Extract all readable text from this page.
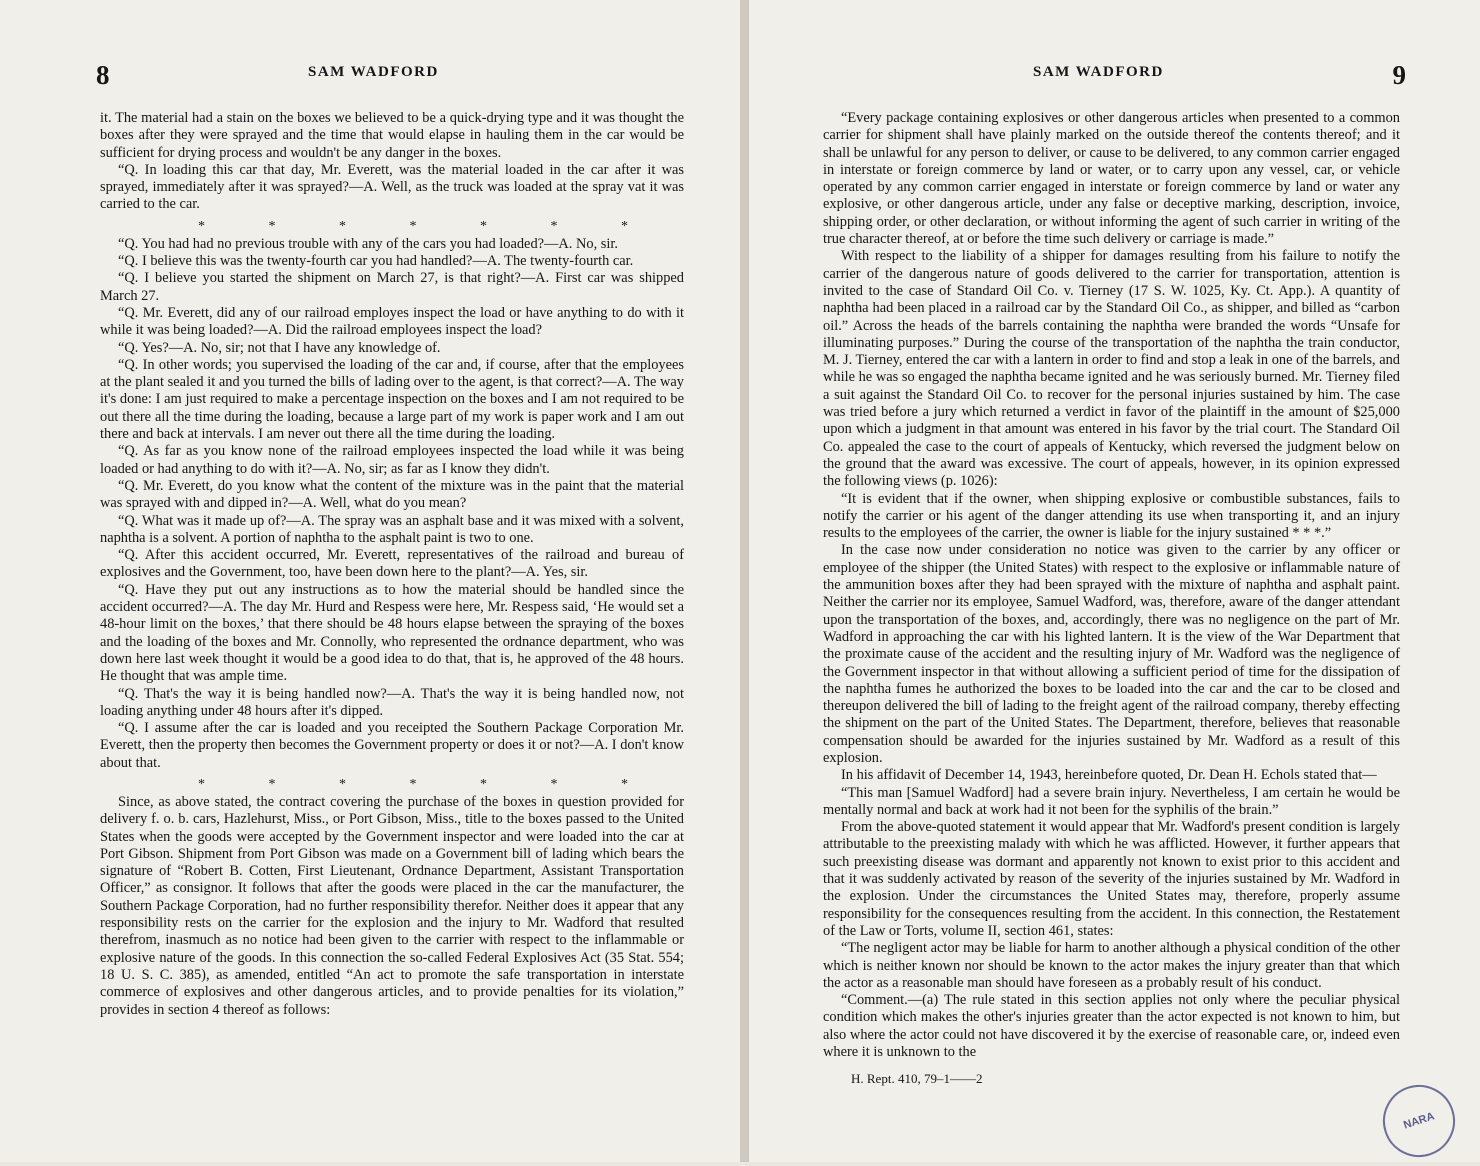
8	SAM WADFORD

it. The material had a stain on the boxes we believed to be a quick-drying type and it was thought the boxes after they were sprayed and the time that would elapse in hauling them in the car would be sufficient for drying process and wouldn't be any danger in the boxes.

“Q. In loading this car that day, Mr. Everett, was the material loaded in the car after it was sprayed, immediately after it was sprayed?—A. Well, as the truck was loaded at the spray vat it was carried to the car.

*	*	*	*	*	*	*

“Q. You had had no previous trouble with any of the cars you had loaded?—A. No, sir.

“Q. I believe this was the twenty-fourth car you had handled?—A. The twenty-fourth car.

“Q. I believe you started the shipment on March 27, is that right?—A. First car was shipped March 27.

“Q. Mr. Everett, did any of our railroad employes inspect the load or have anything to do with it while it was being loaded?—A. Did the railroad employees inspect the load?

“Q. Yes?—A. No, sir; not that I have any knowledge of.

“Q. In other words; you supervised the loading of the car and, if course, after that the employees at the plant sealed it and you turned the bills of lading over to the agent, is that correct?—A. The way it's done: I am just required to make a percentage inspection on the boxes and I am not required to be out there all the time during the loading, because a large part of my work is paper work and I am out there and back at intervals. I am never out there all the time during the loading.

“Q. As far as you know none of the railroad employees inspected the load while it was being loaded or had anything to do with it?—A. No, sir; as far as I know they didn't.

“Q. Mr. Everett, do you know what the content of the mixture was in the paint that the material was sprayed with and dipped in?—A. Well, what do you mean?

“Q. What was it made up of?—A. The spray was an asphalt base and it was mixed with a solvent, naphtha is a solvent. A portion of naphtha to the asphalt paint is two to one.

“Q. After this accident occurred, Mr. Everett, representatives of the railroad and bureau of explosives and the Government, too, have been down here to the plant?—A. Yes, sir.

“Q. Have they put out any instructions as to how the material should be handled since the accident occurred?—A. The day Mr. Hurd and Respess were here, Mr. Respess said, ‘He would set a 48-hour limit on the boxes,’ that there should be 48 hours elapse between the spraying of the boxes and the loading of the boxes and Mr. Connolly, who represented the ordnance department, who was down here last week thought it would be a good idea to do that, that is, he approved of the 48 hours. He thought that was ample time.

“Q. That's the way it is being handled now?—A. That's the way it is being handled now, not loading anything under 48 hours after it's dipped.

“Q. I assume after the car is loaded and you receipted the Southern Package Corporation Mr. Everett, then the property then becomes the Government property or does it or not?—A. I don't know about that.

*	*	*	*	*	*	*

Since, as above stated, the contract covering the purchase of the boxes in question provided for delivery f. o. b. cars, Hazlehurst, Miss., or Port Gibson, Miss., title to the boxes passed to the United States when the goods were accepted by the Government inspector and were loaded into the car at Port Gibson. Shipment from Port Gibson was made on a Government bill of lading which bears the signature of “Robert B. Cotten, First Lieutenant, Ordnance Department, Assistant Transportation Officer,” as consignor. It follows that after the goods were placed in the car the manufacturer, the Southern Package Corporation, had no further responsibility therefor. Neither does it appear that any responsibility rests on the carrier for the explosion and the injury to Mr. Wadford that resulted therefrom, inasmuch as no notice had been given to the carrier with respect to the inflammable or explosive nature of the goods. In this connection the so-called Federal Explosives Act (35 Stat. 554; 18 U. S. C. 385), as amended, entitled “An act to promote the safe transportation in interstate commerce of explosives and other dangerous articles, and to provide penalties for its violation,” provides in section 4 thereof as follows:

SAM WADFORD	9

“Every package containing explosives or other dangerous articles when presented to a common carrier for shipment shall have plainly marked on the outside thereof the contents thereof; and it shall be unlawful for any person to deliver, or cause to be delivered, to any common carrier engaged in interstate or foreign commerce by land or water, or to carry upon any vessel, car, or vehicle operated by any common carrier engaged in interstate or foreign commerce by land or water any explosive, or other dangerous article, under any false or deceptive marking, description, invoice, shipping order, or other declaration, or without informing the agent of such carrier in writing of the true character thereof, at or before the time such delivery or carriage is made.”

With respect to the liability of a shipper for damages resulting from his failure to notify the carrier of the dangerous nature of goods delivered to the carrier for transportation, attention is invited to the case of Standard Oil Co. v. Tierney (17 S. W. 1025, Ky. Ct. App.). A quantity of naphtha had been placed in a railroad car by the Standard Oil Co., as shipper, and billed as “carbon oil.” Across the heads of the barrels containing the naphtha were branded the words “Unsafe for illuminating purposes.” During the course of the transportation of the naphtha the train conductor, M. J. Tierney, entered the car with a lantern in order to find and stop a leak in one of the barrels, and while he was so engaged the naphtha became ignited and he was seriously burned. Mr. Tierney filed a suit against the Standard Oil Co. to recover for the personal injuries sustained by him. The case was tried before a jury which returned a verdict in favor of the plaintiff in the amount of $25,000 upon which a judgment in that amount was entered in his favor by the trial court. The Standard Oil Co. appealed the case to the court of appeals of Kentucky, which reversed the judgment below on the ground that the award was excessive. The court of appeals, however, in its opinion expressed the following views (p. 1026):

“It is evident that if the owner, when shipping explosive or combustible substances, fails to notify the carrier or his agent of the danger attending its use when transporting it, and an injury results to the employees of the carrier, the owner is liable for the injury sustained * * *.”

In the case now under consideration no notice was given to the carrier by any officer or employee of the shipper (the United States) with respect to the explosive or inflammable nature of the ammunition boxes after they had been sprayed with the mixture of naphtha and asphalt paint. Neither the carrier nor its employee, Samuel Wadford, was, therefore, aware of the danger attendant upon the transportation of the boxes, and, accordingly, there was no negligence on the part of Mr. Wadford in approaching the car with his lighted lantern. It is the view of the War Department that the proximate cause of the accident and the resulting injury of Mr. Wadford was the negligence of the Government inspector in that without allowing a sufficient period of time for the dissipation of the naphtha fumes he authorized the boxes to be loaded into the car and the car to be closed and thereupon delivered the bill of lading to the freight agent of the railroad company, thereby effecting the shipment on the part of the United States. The Department, therefore, believes that reasonable compensation should be awarded for the injuries sustained by Mr. Wadford as a result of this explosion.

In his affidavit of December 14, 1943, hereinbefore quoted, Dr. Dean H. Echols stated that—

“This man [Samuel Wadford] had a severe brain injury. Nevertheless, I am certain he would be mentally normal and back at work had it not been for the syphilis of the brain.”

From the above-quoted statement it would appear that Mr. Wadford's present condition is largely attributable to the preexisting malady with which he was afflicted. However, it further appears that such preexisting disease was dormant and apparently not known to exist prior to this accident and that it was suddenly activated by reason of the severity of the injuries sustained by Mr. Wadford in the explosion. Under the circumstances the United States may, therefore, properly assume responsibility for the consequences resulting from the accident. In this connection, the Restatement of the Law or Torts, volume II, section 461, states:

“The negligent actor may be liable for harm to another although a physical condition of the other which is neither known nor should be known to the actor makes the injury greater than that which the actor as a reasonable man should have foreseen as a probably result of his conduct.

“Comment.—(a) The rule stated in this section applies not only where the peculiar physical condition which makes the other's injuries greater than the actor expected is not known to him, but also where the actor could not have discovered it by the exercise of reasonable care, or, indeed even where it is unknown to the

H. Rept. 410, 79–1——2
NARA
